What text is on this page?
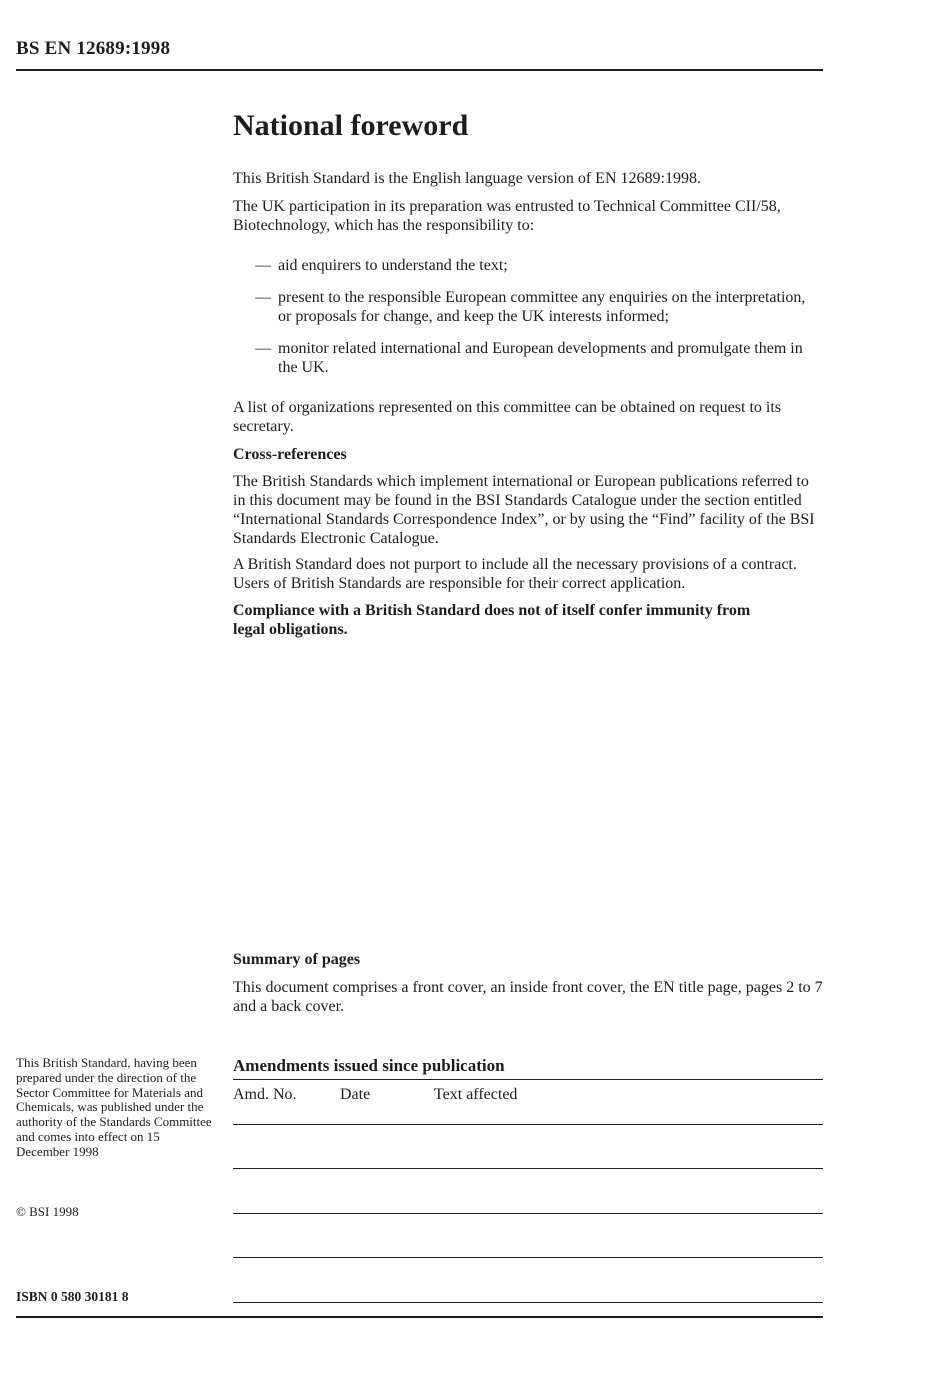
BS EN 12689:1998
National foreword

This British Standard is the English language version of EN 12689:1998.

The UK participation in its preparation was entrusted to Technical Committee CII/58, Biotechnology, which has the responsibility to:

— aid enquirers to understand the text;
— present to the responsible European committee any enquiries on the interpretation, or proposals for change, and keep the UK interests informed;
— monitor related international and European developments and promulgate them in the UK.

A list of organizations represented on this committee can be obtained on request to its secretary.

Cross-references

The British Standards which implement international or European publications referred to in this document may be found in the BSI Standards Catalogue under the section entitled “International Standards Correspondence Index”, or by using the “Find” facility of the BSI Standards Electronic Catalogue.

A British Standard does not purport to include all the necessary provisions of a contract. Users of British Standards are responsible for their correct application.

Compliance with a British Standard does not of itself confer immunity from legal obligations.

Summary of pages

This document comprises a front cover, an inside front cover, the EN title page, pages 2 to 7 and a back cover.

This British Standard, having been prepared under the direction of the Sector Committee for Materials and Chemicals, was published under the authority of the Standards Committee and comes into effect on 15 December 1998
© BSI 1998
ISBN 0 580 30181 8
Amendments issued since publication
Amd. No.	Date	Text affected
